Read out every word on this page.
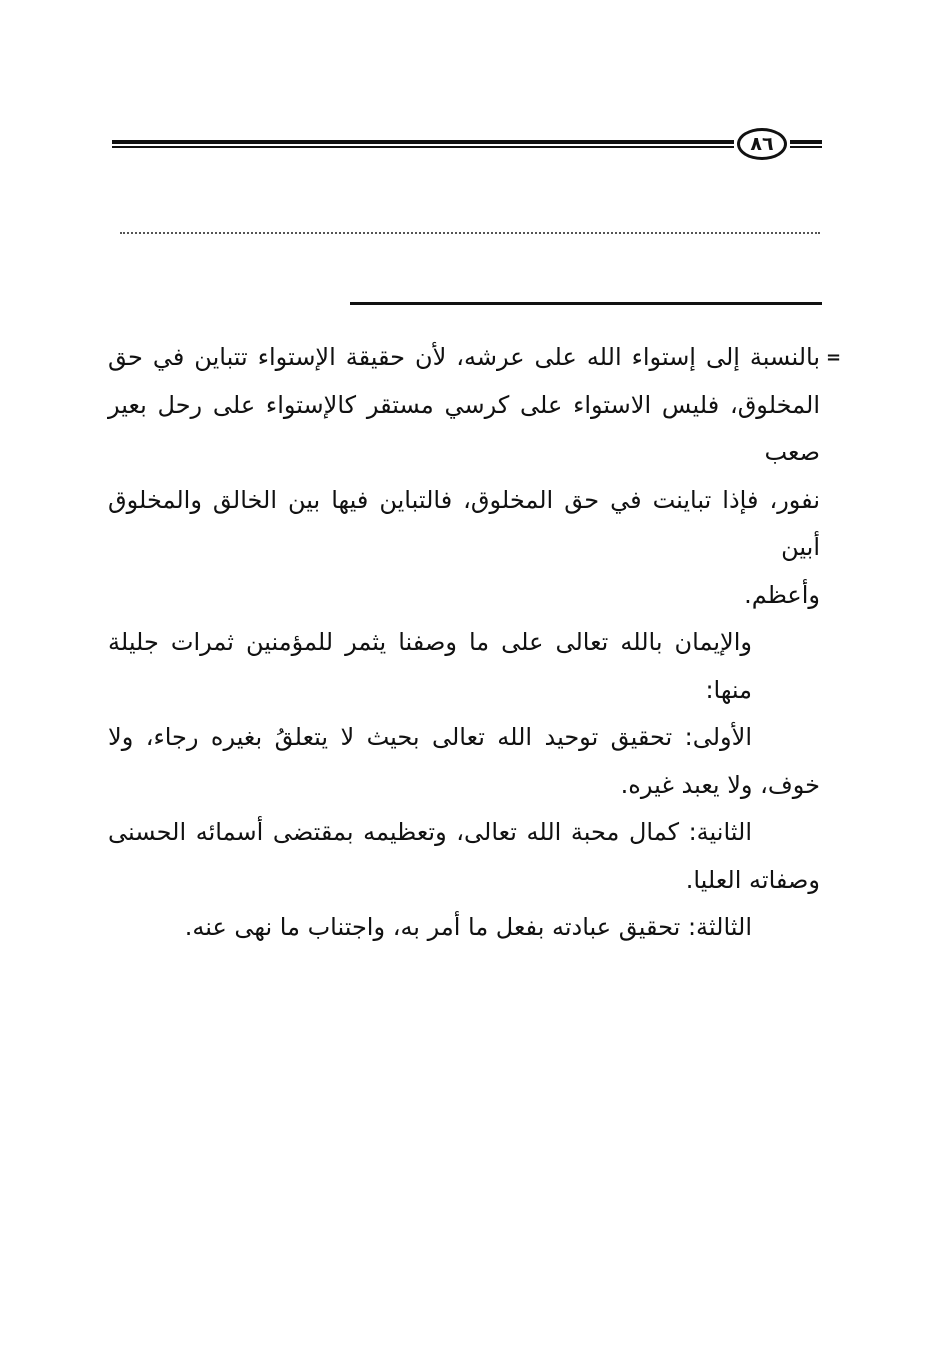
٨٦
=
بالنسبة إلى إستواء الله على عرشه، لأن حقيقة الإستواء تتباين في حق
المخلوق، فليس الاستواء على كرسي مستقر كالإستواء على رحل بعير صعب
نفور، فإذا تباينت في حق المخلوق، فالتباين فيها بين الخالق والمخلوق أبين
وأعظم.
والإيمان بالله تعالى على ما وصفنا يثمر للمؤمنين ثمرات جليلة منها:
الأولى: تحقيق توحيد الله تعالى بحيث لا يتعلقُ بغيره رجاء، ولا
خوف، ولا يعبد غيره.
الثانية: كمال محبة الله تعالى، وتعظيمه بمقتضى أسمائه الحسنى
وصفاته العليا.
الثالثة: تحقيق عبادته بفعل ما أمر به، واجتناب ما نهى عنه.
